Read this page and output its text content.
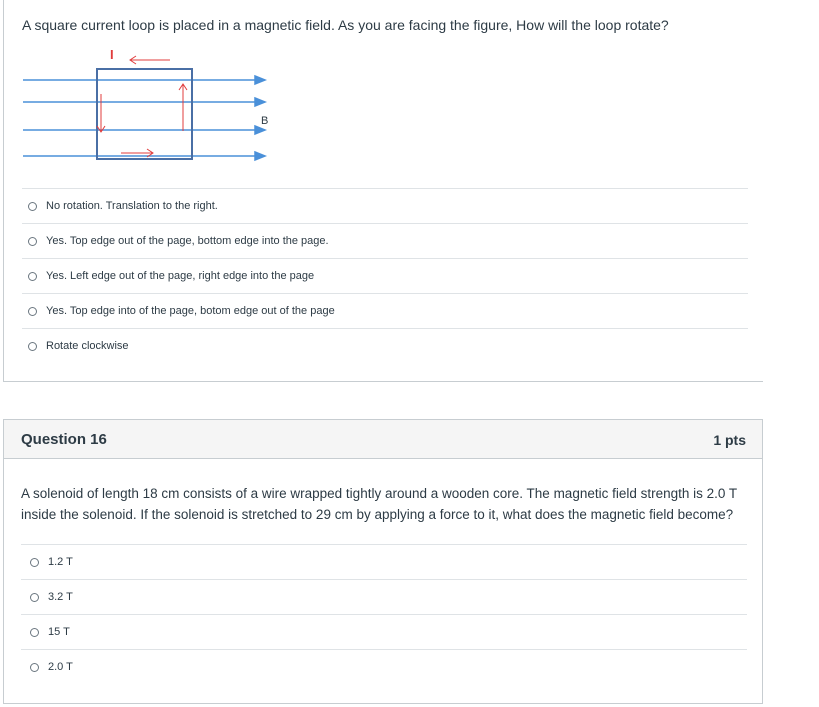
A square current loop is placed in a magnetic field. As you are facing the figure, How will the loop rotate?
I
B
No rotation. Translation to the right.
Yes. Top edge out of the page, bottom edge into the page.
Yes. Left edge out of the page, right edge into the page
Yes. Top edge into of the page, botom edge out of the page
Rotate clockwise
Question 16	1 pts
A solenoid of length 18 cm consists of a wire wrapped tightly around a wooden core. The magnetic field strength is 2.0 T inside the solenoid. If the solenoid is stretched to 29 cm by applying a force to it, what does the magnetic field become?
1.2 T
3.2 T
15 T
2.0 T
